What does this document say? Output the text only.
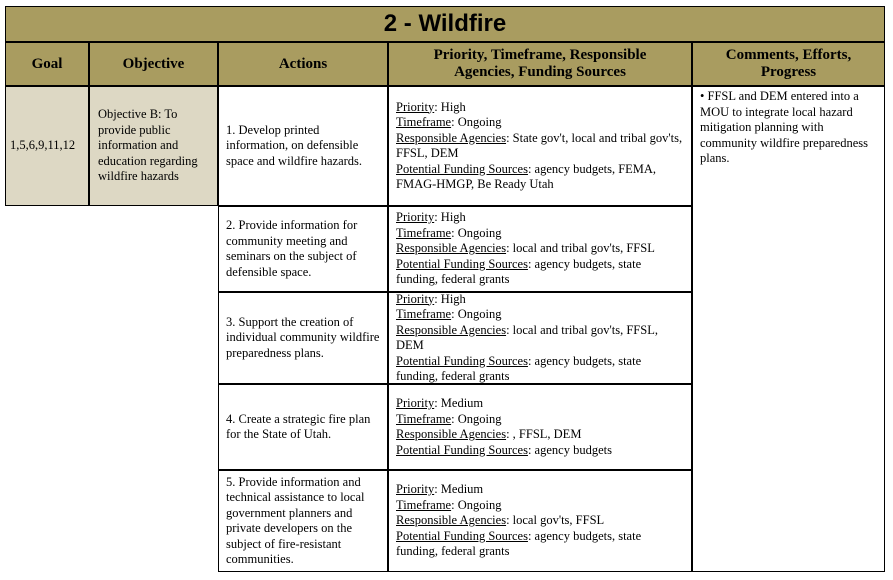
2 - Wildfire
Goal	Objective	Actions
Priority, Timeframe, Responsible Agencies, Funding Sources
Comments, Efforts, Progress
1,5,6,9,11,12
Objective B: To provide public information and education regarding wildfire hazards
• FFSL and DEM entered into a MOU to integrate local hazard mitigation planning with community wildfire preparedness plans.
1. Develop printed information, on defensible space and wildfire hazards.
Priority: High
Timeframe: Ongoing
Responsible Agencies: State gov't, local and tribal gov'ts, FFSL, DEM
Potential Funding Sources: agency budgets, FEMA, FMAG-HMGP, Be Ready Utah
2. Provide information for community meeting and seminars on the subject of defensible space.
Priority: High
Timeframe: Ongoing
Responsible Agencies: local and tribal gov'ts, FFSL
Potential Funding Sources: agency budgets, state funding, federal grants
3. Support the creation of individual community wildfire preparedness plans.
Priority: High
Timeframe: Ongoing
Responsible Agencies: local and tribal gov'ts, FFSL, DEM
Potential Funding Sources: agency budgets, state funding, federal grants
4. Create a strategic fire plan for the State of Utah.
Priority: Medium
Timeframe: Ongoing
Responsible Agencies: , FFSL, DEM
Potential Funding Sources: agency budgets
5. Provide information and technical assistance to local government planners and private developers on the subject of fire-resistant communities.
Priority: Medium
Timeframe: Ongoing
Responsible Agencies: local gov'ts, FFSL
Potential Funding Sources: agency budgets, state funding, federal grants
